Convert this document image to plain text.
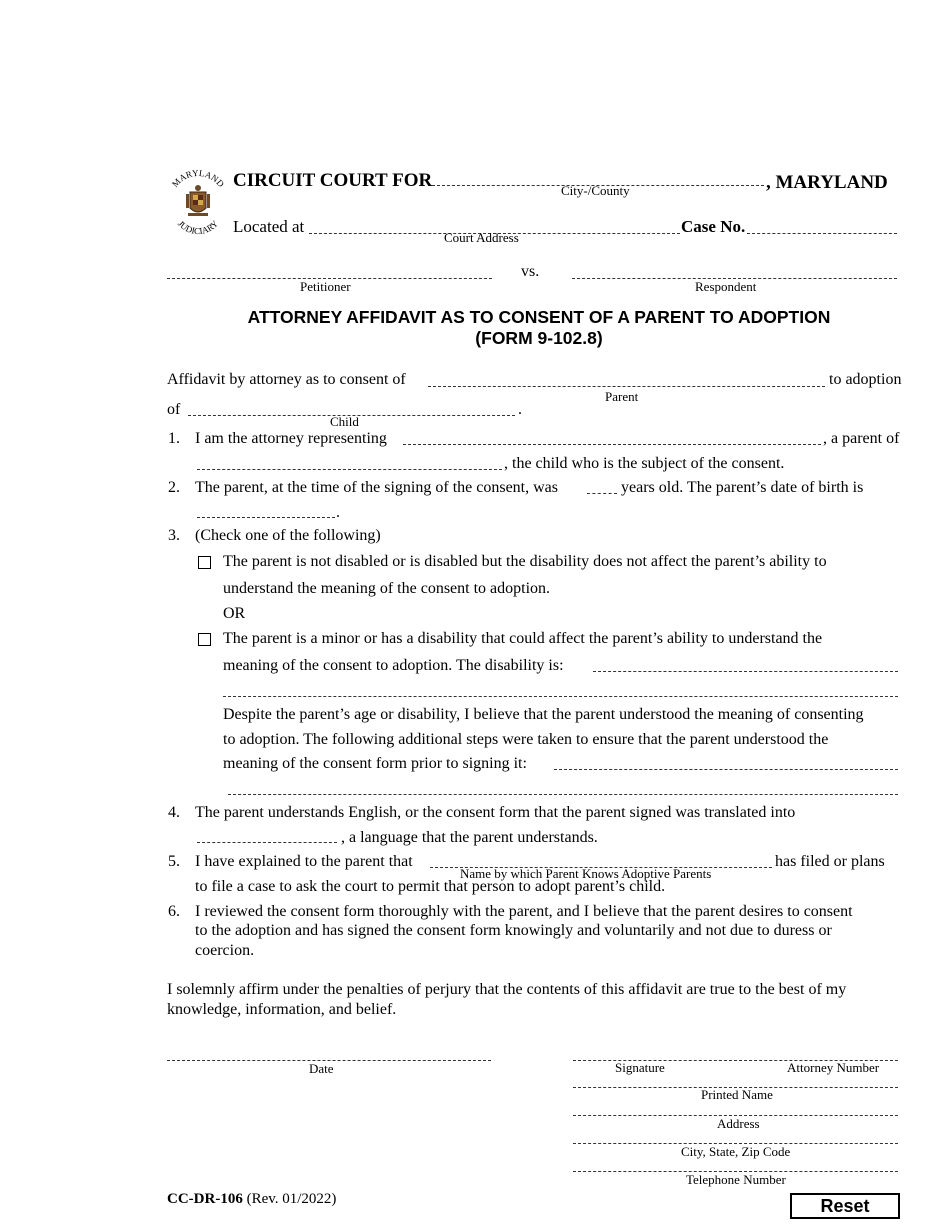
MARYLAND
JUDICIARY
CIRCUIT COURT FOR	, MARYLAND
City-/County
Located at
Court Address
Case No.
vs.
Petitioner	Respondent
ATTORNEY AFFIDAVIT AS TO CONSENT OF A PARENT TO ADOPTION
(FORM 9-102.8)
Affidavit by attorney as to consent of	to adoption
Parent
of	.
Child
1. I am the attorney representing	, a parent of
, the child who is the subject of the consent.
2. The parent, at the time of the signing of the consent, was	years old. The parent’s date of birth is
.
3. (Check one of the following)
The parent is not disabled or is disabled but the disability does not affect the parent’s ability to
understand the meaning of the consent to adoption.
OR
The parent is a minor or has a disability that could affect the parent’s ability to understand the
meaning of the consent to adoption. The disability is:
Despite the parent’s age or disability, I believe that the parent understood the meaning of consenting
to adoption. The following additional steps were taken to ensure that the parent understood the
meaning of the consent form prior to signing it:
4. The parent understands English, or the consent form that the parent signed was translated into
, a language that the parent understands.
5. I have explained to the parent that	has filed or plans
Name by which Parent Knows Adoptive Parents
to file a case to ask the court to permit that person to adopt parent’s child.
6. I reviewed the consent form thoroughly with the parent, and I believe that the parent desires to consent
to the adoption and has signed the consent form knowingly and voluntarily and not due to duress or
coercion.
I solemnly affirm under the penalties of perjury that the contents of this affidavit are true to the best of my
knowledge, information, and belief.
Date	Signature	Attorney Number
Printed Name
Address
City, State, Zip Code
Telephone Number
CC-DR-106 (Rev. 01/2022)	Reset
